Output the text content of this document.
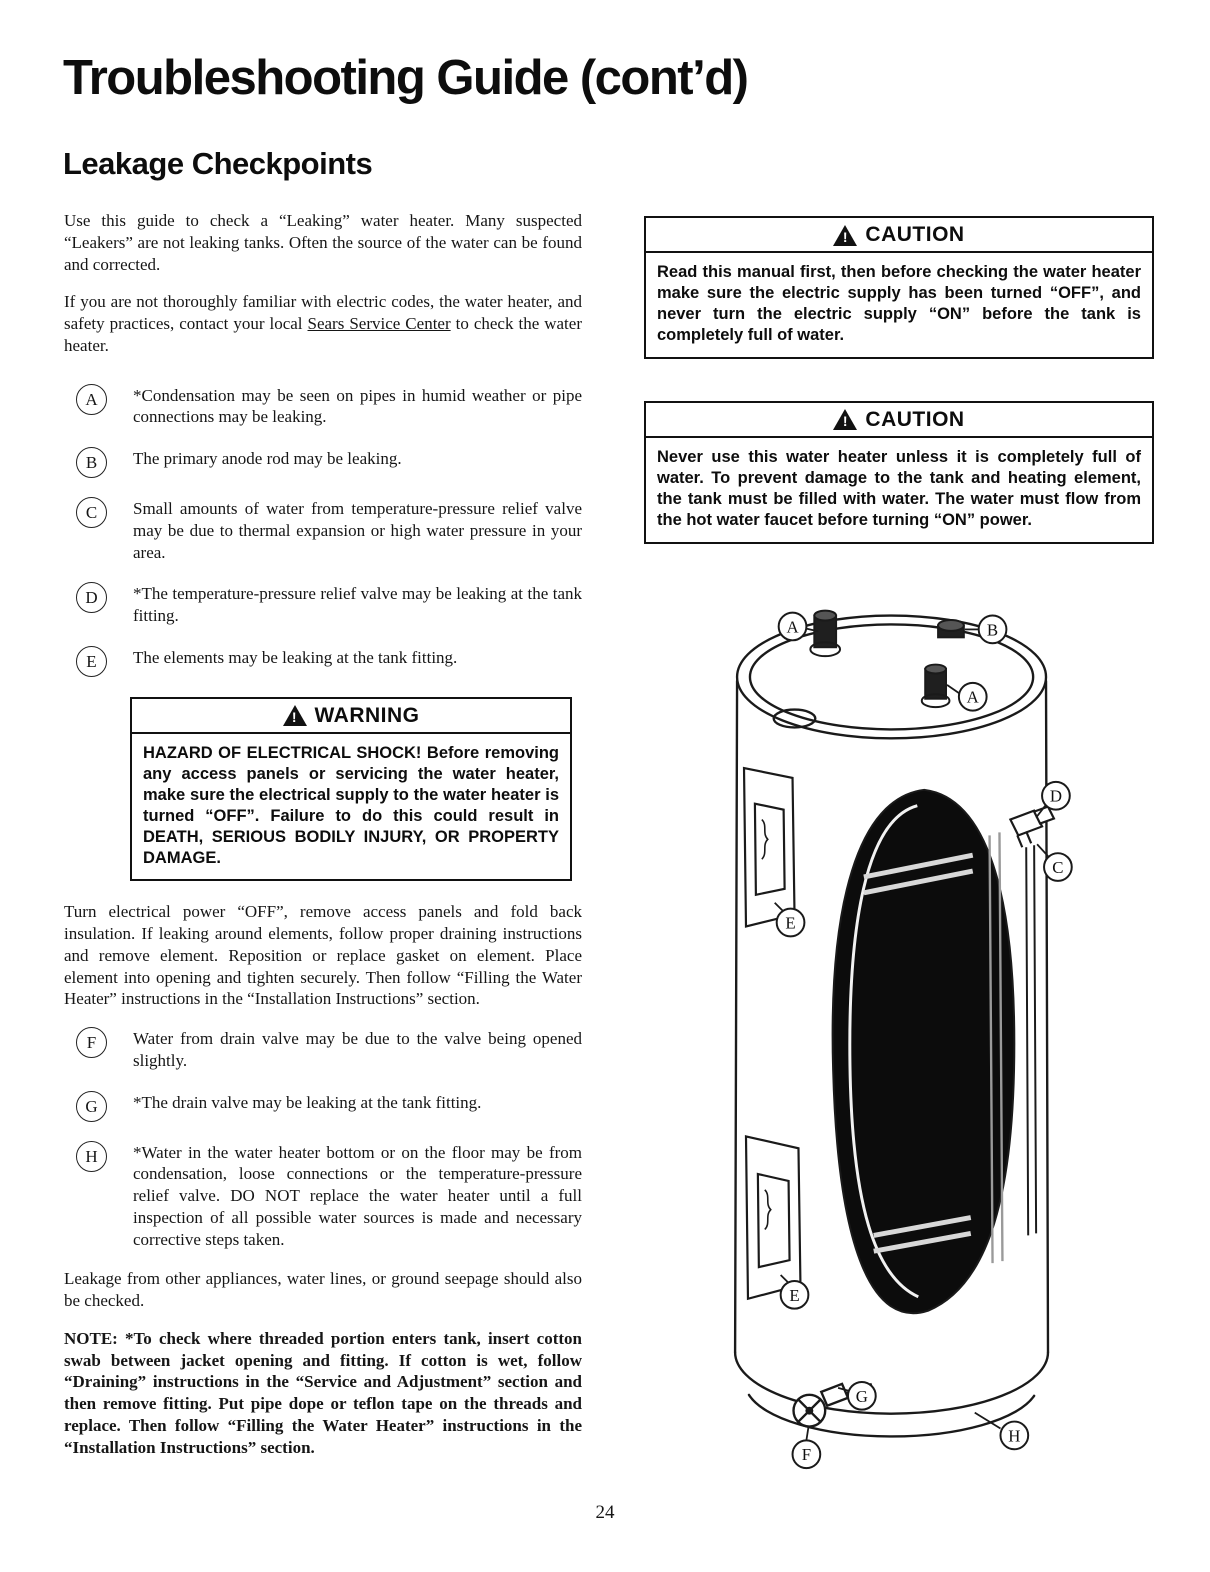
Troubleshooting Guide (cont’d)
Leakage Checkpoints

Use this guide to check a “Leaking” water heater. Many suspected “Leakers” are not leaking tanks. Often the source of the water can be found and corrected.

If you are not thoroughly familiar with electric codes, the water heater, and safety practices, contact your local Sears Service Center to check the water heater.

A	*Condensation may be seen on pipes in humid weather or pipe connections may be leaking.

B	The primary anode rod may be leaking.

C	Small amounts of water from temperature-pressure relief valve may be due to thermal expansion or high water pressure in your area.

D	*The temperature-pressure relief valve may be leaking at the tank fitting.

E	The elements may be leaking at the tank fitting.

! WARNING
HAZARD OF ELECTRICAL SHOCK! Before removing any access panels or servicing the water heater, make sure the electrical supply to the water heater is turned “OFF”. Failure to do this could result in DEATH, SERIOUS BODILY INJURY, OR PROPERTY DAMAGE.

Turn electrical power “OFF”, remove access panels and fold back insulation. If leaking around elements, follow proper draining instructions and remove element. Reposition or replace gasket on element. Place element into opening and tighten securely. Then follow “Filling the Water Heater” instructions in the “Installation Instructions” section.

F	Water from drain valve may be due to the valve being opened slightly.

G	*The drain valve may be leaking at the tank fitting.

H	*Water in the water heater bottom or on the floor may be from condensation, loose connections or the temperature-pressure relief valve. DO NOT replace the water heater until a full inspection of all possible water sources is made and necessary corrective steps taken.

Leakage from other appliances, water lines, or ground seepage should also be checked.

NOTE: *To check where threaded portion enters tank, insert cotton swab between jacket opening and fitting. If cotton is wet, follow “Draining” instructions in the “Service and Adjustment” section and then remove fitting. Put pipe dope or teflon tape on the threads and replace. Then follow “Filling the Water Heater” instructions in the “Installation Instructions” section.

! CAUTION
Read this manual first, then before checking the water heater make sure the electric supply has been turned “OFF”, and never turn the electric supply “ON” before the tank is completely full of water.
! CAUTION
Never use this water heater unless it is completely full of water. To prevent damage to the tank and heating element, the tank must be filled with water. The water must flow from the hot water faucet before turning “ON” power.
A	B
A
D
C
E
E
G
H
F
24
